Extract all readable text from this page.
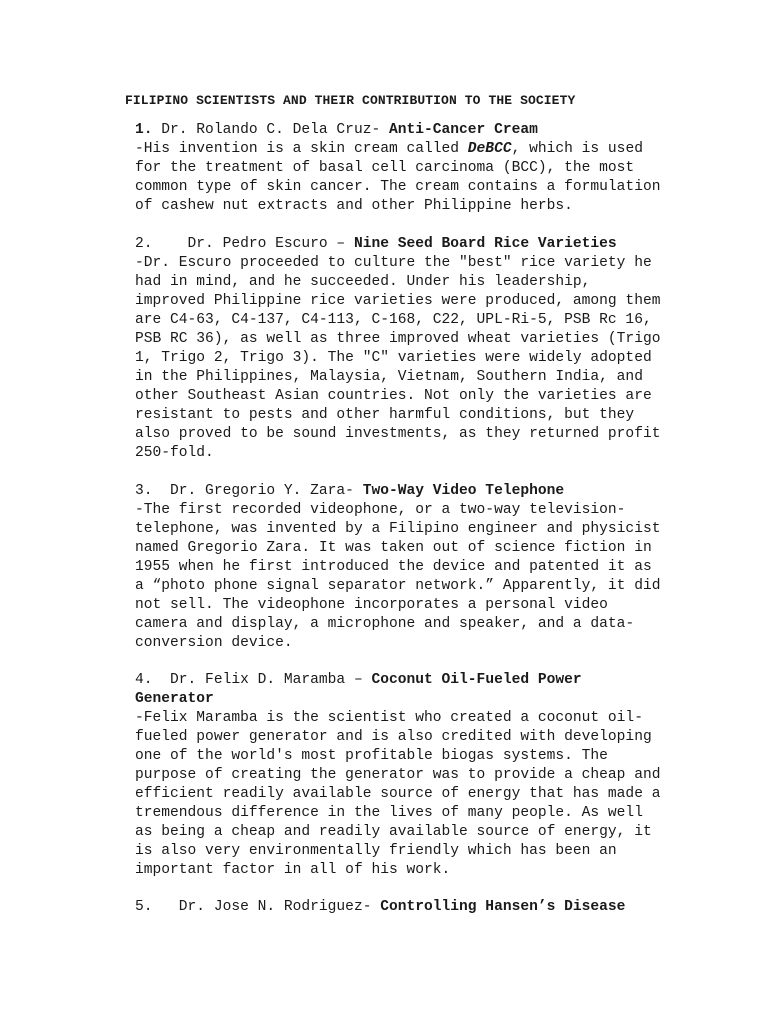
FILIPINO SCIENTISTS AND THEIR CONTRIBUTION TO THE SOCIETY
1. Dr. Rolando C. Dela Cruz- Anti-Cancer Cream
-His invention is a skin cream called DeBCC, which is used
for the treatment of basal cell carcinoma (BCC), the most
common type of skin cancer. The cream contains a formulation
of cashew nut extracts and other Philippine herbs.
2.    Dr. Pedro Escuro – Nine Seed Board Rice Varieties
-Dr. Escuro proceeded to culture the "best" rice variety he
had in mind, and he succeeded. Under his leadership,
improved Philippine rice varieties were produced, among them
are C4-63, C4-137, C4-113, C-168, C22, UPL-Ri-5, PSB Rc 16,
PSB RC 36), as well as three improved wheat varieties (Trigo
1, Trigo 2, Trigo 3). The "C" varieties were widely adopted
in the Philippines, Malaysia, Vietnam, Southern India, and
other Southeast Asian countries. Not only the varieties are
resistant to pests and other harmful conditions, but they
also proved to be sound investments, as they returned profit
250-fold.
3.  Dr. Gregorio Y. Zara- Two-Way Video Telephone
-The first recorded videophone, or a two-way television-
telephone, was invented by a Filipino engineer and physicist
named Gregorio Zara. It was taken out of science fiction in
1955 when he first introduced the device and patented it as
a “photo phone signal separator network.” Apparently, it did
not sell. The videophone incorporates a personal video
camera and display, a microphone and speaker, and a data-
conversion device.
4.  Dr. Felix D. Maramba – Coconut Oil-Fueled Power
Generator
-Felix Maramba is the scientist who created a coconut oil-
fueled power generator and is also credited with developing
one of the world's most profitable biogas systems. The
purpose of creating the generator was to provide a cheap and
efficient readily available source of energy that has made a
tremendous difference in the lives of many people. As well
as being a cheap and readily available source of energy, it
is also very environmentally friendly which has been an
important factor in all of his work.
5.   Dr. Jose N. Rodriguez- Controlling Hansen’s Disease
